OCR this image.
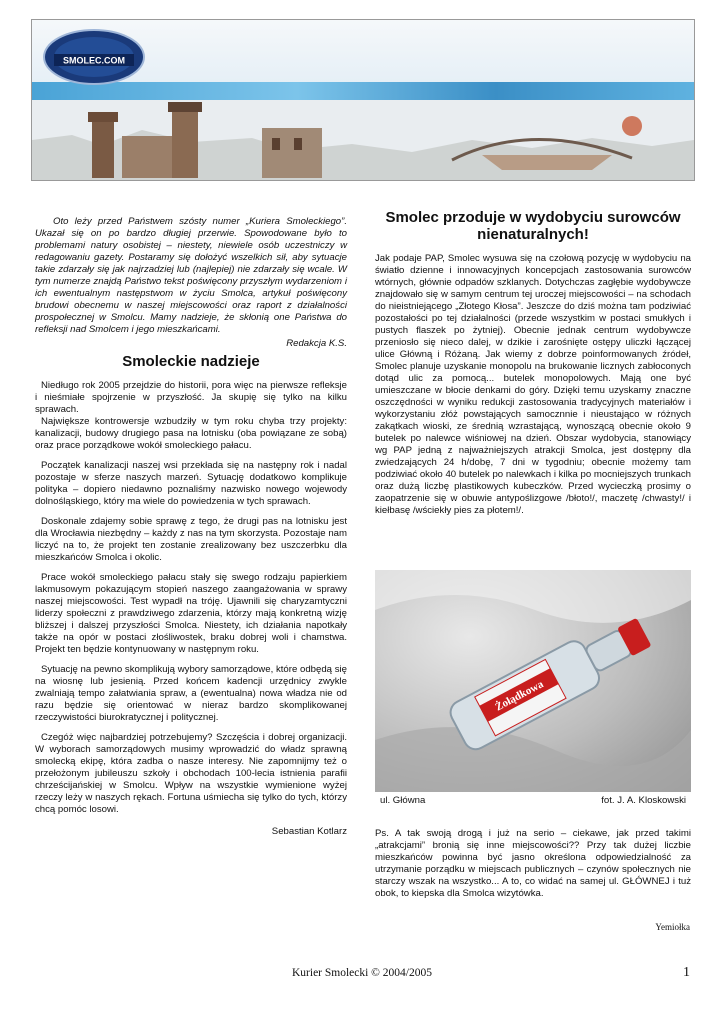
SMOLEC.COM

Oto leży przed Państwem szósty numer „Kuriera Smoleckiego”. Ukazał się on po bardzo długiej przerwie. Spowodowane było to problemami natury osobistej – niestety, niewiele osób uczestniczy w redagowaniu gazety. Postaramy się dołożyć wszelkich sił, aby sytuacje takie zdarzały się jak najrzadziej lub (najlepiej) nie zdarzały się wcale. W tym numerze znajdą Państwo tekst poświęcony przyszłym wydarzeniom i ich ewentualnym następstwom w życiu Smolca, artykuł poświęcony brudowi obecnemu w naszej miejscowości oraz raport z działalności prospołecznej w Smolcu. Mamy nadzieje, że skłonią one Państwa do refleksji nad Smolcem i jego mieszkańcami.

Redakcja K.S.

Smoleckie nadzieje

Niedługo rok 2005 przejdzie do historii, pora więc na pierwsze refleksje i nieśmiałe spojrzenie w przyszłość. Ja skupię się tylko na kilku sprawach.

Największe kontrowersje wzbudziły w tym roku chyba trzy projekty: kanalizacji, budowy drugiego pasa na lotnisku (oba powiązane ze sobą) oraz prace porządkowe wokół smoleckiego pałacu.

Początek kanalizacji naszej wsi przekłada się na następny rok i nadal pozostaje w sferze naszych marzeń. Sytuację dodatkowo komplikuje polityka – dopiero niedawno poznaliśmy nazwisko nowego wojewody dolnośląskiego, który ma wiele do powiedzenia w tych sprawach.

Doskonale zdajemy sobie sprawę z tego, że drugi pas na lotnisku jest dla Wrocławia niezbędny – każdy z nas na tym skorzysta. Pozostaje nam liczyć na to, że projekt ten zostanie zrealizowany bez uszczerbku dla mieszkańców Smolca i okolic.

Prace wokół smoleckiego pałacu stały się swego rodzaju papierkiem lakmusowym pokazującym stopień naszego zaangażowania w sprawy naszej miejscowości. Test wypadł na tróję. Ujawnili się charyzamtyczni liderzy społeczni z prawdziwego zdarzenia, którzy mają konkretną wizję bliższej i dalszej przyszłości Smolca. Niestety, ich działania napotkały także na opór w postaci złośliwostek, braku dobrej woli i chamstwa. Projekt ten będzie kontynuowany w następnym roku.

Sytuację na pewno skomplikują wybory samorządowe, które odbędą się na wiosnę lub jesienią. Przed końcem kadencji urzędnicy zwykle zwalniają tempo załatwiania spraw, a (ewentualna) nowa władza nie od razu będzie się orientować w nieraz bardzo skomplikowanej rzeczywistości biurokratycznej i politycznej.

Czegóż więc najbardziej potrzebujemy? Szczęścia i dobrej organizacji. W wyborach samorządowych musimy wprowadzić do władz sprawną smolecką ekipę, która zadba o nasze interesy. Nie zapomnijmy też o przełożonym jubileuszu szkoły i obchodach 100-lecia istnienia parafii chrześcijańskiej w Smolcu. Wpływ na wszystkie wymienione wyżej rzeczy leży w naszych rękach. Fortuna uśmiecha się tylko do tych, którzy chcą pomóc losowi.

Sebastian Kotlarz
Smolec przoduje w wydobyciu surowców nienaturalnych!

Jak podaje PAP, Smolec wysuwa się na czołową pozycję w wydobyciu na światło dzienne i innowacyjnych koncepcjach zastosowania surowców wtórnych, głównie odpadów szklanych. Dotychczas zagłębie wydobywcze znajdowało się w samym centrum tej uroczej miejscowości – na schodach do nieistniejącego „Złotego Kłosa”. Jeszcze do dziś można tam podziwiać pozostałości po tej działalności (przede wszystkim w postaci smukłych i pustych flaszek po żytniej). Obecnie jednak centrum wydobywcze przeniosło się nieco dalej, w dzikie i zarośnięte ostępy uliczki łączącej ulice Główną i Różaną. Jak wiemy z dobrze poinformowanych źródeł, Smolec planuje uzyskanie monopolu na brukowanie licznych zabłoconych dotąd ulic za pomocą... butelek monopolowych. Mają one być umieszczane w błocie denkami do góry. Dzięki temu uzyskamy znaczne oszczędności w wyniku redukcji zastosowania tradycyjnych materiałów i wykorzystaniu złóż powstających samocznnie i nieustająco w różnych zakątkach wioski, ze średnią wzrastającą, wynoszącą obecnie około 9 butelek po nalewce wiśniowej na dzień. Obszar wydobycia, stanowiący wg PAP jedną z najważniejszych atrakcji Smolca, jest dostępny dla zwiedzających 24 h/dobę, 7 dni w tygodniu; obecnie możemy tam podziwiać około 40 butelek po nalewkach i kilka po mocniejszych trunkach oraz dużą liczbę plastikowych kubeczków. Przed wycieczką prosimy o zaopatrzenie się w obuwie antypoślizgowe /błoto!/, maczetę /chwasty!/ i kiełbasę /wściekły pies za płotem!/.

Żołądkowa
ul. Główna	fot. J. A. Kloskowski

Ps. A tak swoją drogą i już na serio – ciekawe, jak przed takimi „atrakcjami” bronią się inne miejscowości?? Przy tak dużej liczbie mieszkańców powinna być jasno określona odpowiedzialność za utrzymanie porządku w miejscach publicznych – czynów społecznych nie starczy wszak na wszystko... A to, co widać na samej ul. GŁÓWNEJ i tuż obok, to kiepska dla Smolca wizytówka.

Yemiołka
Kurier Smolecki © 2004/2005	1
